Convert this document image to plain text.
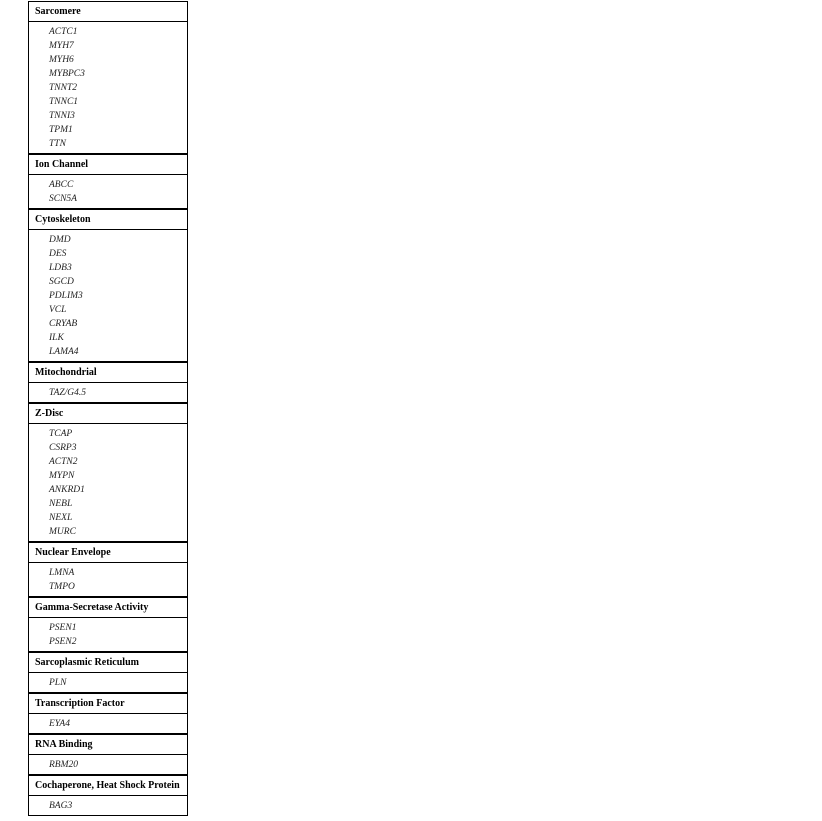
Sarcomere
ACTC1
MYH7
MYH6
MYBPC3
TNNT2
TNNC1
TNNI3
TPM1
TTN
Ion Channel
ABCC
SCN5A
Cytoskeleton
DMD
DES
LDB3
SGCD
PDLIM3
VCL
CRYAB
ILK
LAMA4
Mitochondrial
TAZ/G4.5
Z-Disc
TCAP
CSRP3
ACTN2
MYPN
ANKRD1
NEBL
NEXL
MURC
Nuclear Envelope
LMNA
TMPO
Gamma-Secretase Activity
PSEN1
PSEN2
Sarcoplasmic Reticulum
PLN
Transcription Factor
EYA4
RNA Binding
RBM20
Cochaperone, Heat Shock Protein
BAG3
